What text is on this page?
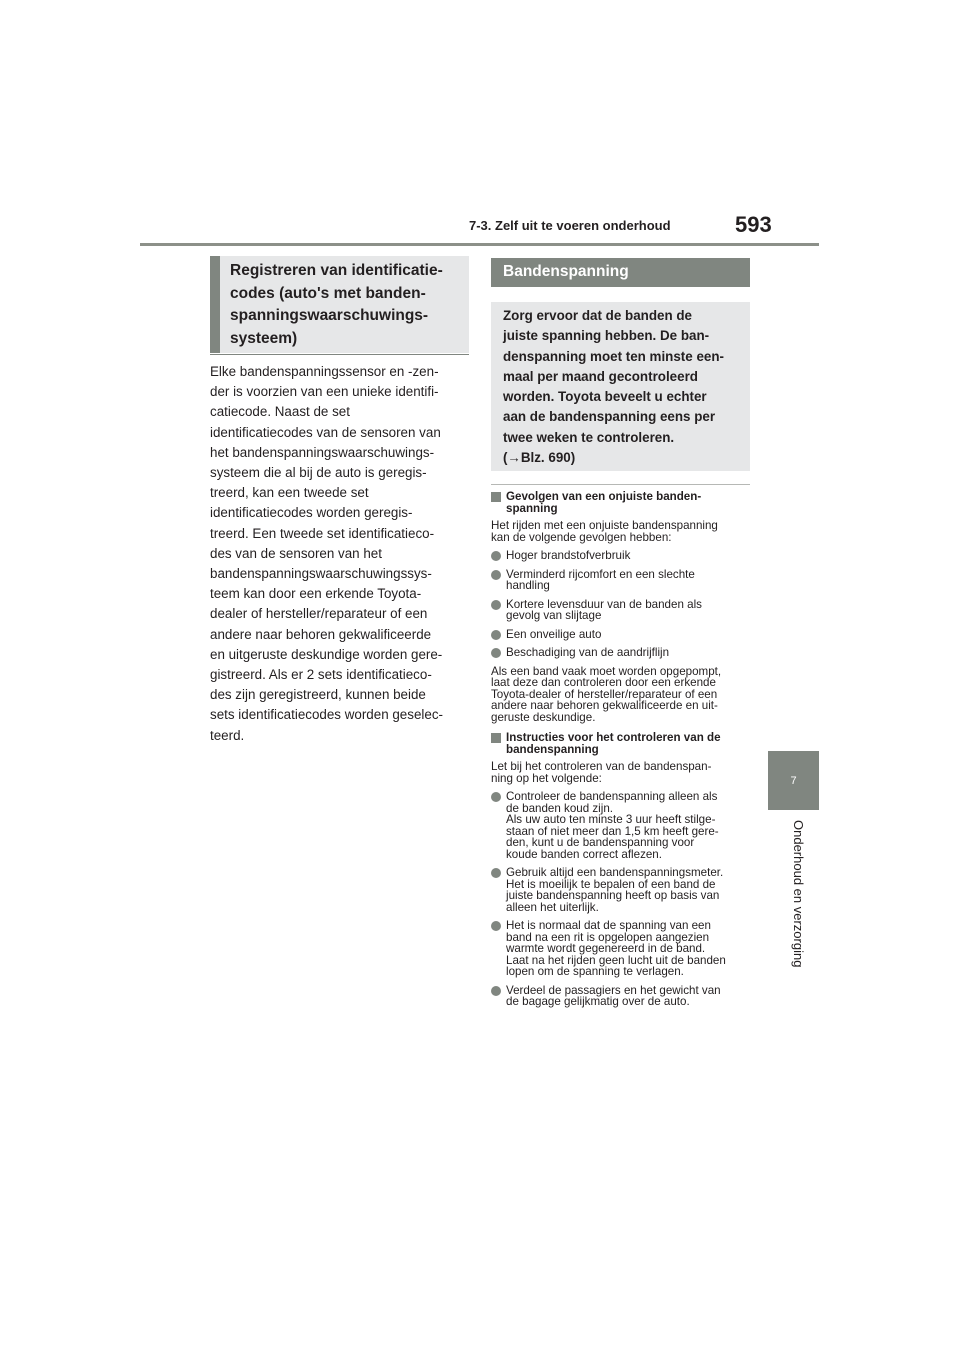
7-3. Zelf uit te voeren onderhoud	593
7
Onderhoud en verzorging
Registreren van identificatie-
codes (auto's met banden-
spanningswaarschuwings-
systeem)
Elke bandenspanningssensor en -zen-
der is voorzien van een unieke identifi-
catiecode. Naast de set
identificatiecodes van de sensoren van
het bandenspanningswaarschuwings-
systeem die al bij de auto is geregis-
treerd, kan een tweede set
identificatiecodes worden geregis-
treerd. Een tweede set identificatieco-
des van de sensoren van het
bandenspanningswaarschuwingssys-
teem kan door een erkende Toyota-
dealer of hersteller/reparateur of een
andere naar behoren gekwalificeerde
en uitgeruste deskundige worden gere-
gistreerd. Als er 2 sets identificatieco-
des zijn geregistreerd, kunnen beide
sets identificatiecodes worden geselec-
teerd.
Bandenspanning
Zorg ervoor dat de banden de
juiste spanning hebben. De ban-
denspanning moet ten minste een-
maal per maand gecontroleerd
worden. Toyota beveelt u echter
aan de bandenspanning eens per
twee weken te controleren.
(→Blz. 690)
Gevolgen van een onjuiste banden-
spanning
Het rijden met een onjuiste bandenspanning
kan de volgende gevolgen hebben:
Hoger brandstofverbruik
Verminderd rijcomfort en een slechte
handling
Kortere levensduur van de banden als
gevolg van slijtage
Een onveilige auto
Beschadiging van de aandrijflijn
Als een band vaak moet worden opgepompt,
laat deze dan controleren door een erkende
Toyota-dealer of hersteller/reparateur of een
andere naar behoren gekwalificeerde en uit-
geruste deskundige.
Instructies voor het controleren van de
bandenspanning
Let bij het controleren van de bandenspan-
ning op het volgende:
Controleer de bandenspanning alleen als
de banden koud zijn.
Als uw auto ten minste 3 uur heeft stilge-
staan of niet meer dan 1,5 km heeft gere-
den, kunt u de bandenspanning voor
koude banden correct aflezen.
Gebruik altijd een bandenspanningsmeter.
Het is moeilijk te bepalen of een band de
juiste bandenspanning heeft op basis van
alleen het uiterlijk.
Het is normaal dat de spanning van een
band na een rit is opgelopen aangezien
warmte wordt gegenereerd in de band.
Laat na het rijden geen lucht uit de banden
lopen om de spanning te verlagen.
Verdeel de passagiers en het gewicht van
de bagage gelijkmatig over de auto.
